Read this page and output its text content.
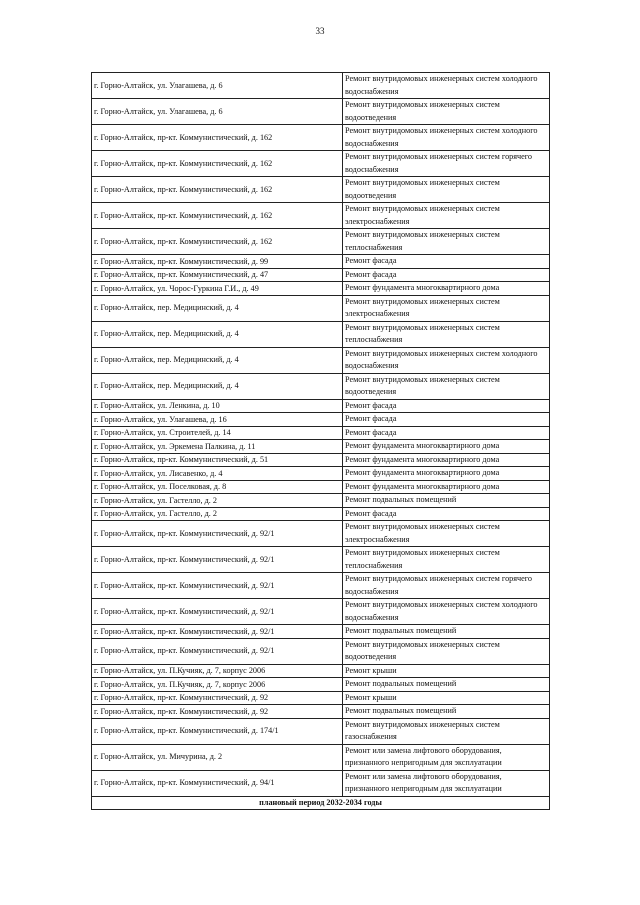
33
г. Горно-Алтайск, ул. Улагашева, д. 6	Ремонт внутридомовых инженерных систем холодного водоснабжения
г. Горно-Алтайск, ул. Улагашева, д. 6	Ремонт внутридомовых инженерных систем водоотведения
г. Горно-Алтайск, пр-кт. Коммунистический, д. 162	Ремонт внутридомовых инженерных систем холодного водоснабжения
г. Горно-Алтайск, пр-кт. Коммунистический, д. 162	Ремонт внутридомовых инженерных систем горячего водоснабжения
г. Горно-Алтайск, пр-кт. Коммунистический, д. 162	Ремонт внутридомовых инженерных систем водоотведения
г. Горно-Алтайск, пр-кт. Коммунистический, д. 162	Ремонт внутридомовых инженерных систем электроснабжения
г. Горно-Алтайск, пр-кт. Коммунистический, д. 162	Ремонт внутридомовых инженерных систем теплоснабжения
г. Горно-Алтайск, пр-кт. Коммунистический, д. 99	Ремонт фасада
г. Горно-Алтайск, пр-кт. Коммунистический, д. 47	Ремонт фасада
г. Горно-Алтайск, ул. Чорос-Гуркина Г.И., д. 49	Ремонт фундамента многоквартирного дома
г. Горно-Алтайск, пер. Медицинский, д. 4	Ремонт внутридомовых инженерных систем электроснабжения
г. Горно-Алтайск, пер. Медицинский, д. 4	Ремонт внутридомовых инженерных систем теплоснабжения
г. Горно-Алтайск, пер. Медицинский, д. 4	Ремонт внутридомовых инженерных систем холодного водоснабжения
г. Горно-Алтайск, пер. Медицинский, д. 4	Ремонт внутридомовых инженерных систем водоотведения
г. Горно-Алтайск, ул. Ленкина, д. 10	Ремонт фасада
г. Горно-Алтайск, ул. Улагашева, д. 16	Ремонт фасада
г. Горно-Алтайск, ул. Строителей, д. 14	Ремонт фасада
г. Горно-Алтайск, ул. Эркемена Палкина, д. 11	Ремонт фундамента многоквартирного дома
г. Горно-Алтайск, пр-кт. Коммунистический, д. 51	Ремонт фундамента многоквартирного дома
г. Горно-Алтайск, ул. Лисавенко, д. 4	Ремонт фундамента многоквартирного дома
г. Горно-Алтайск, ул. Поселковая, д. 8	Ремонт фундамента многоквартирного дома
г. Горно-Алтайск, ул. Гастелло, д. 2	Ремонт подвальных помещений
г. Горно-Алтайск, ул. Гастелло, д. 2	Ремонт фасада
г. Горно-Алтайск, пр-кт. Коммунистический, д. 92/1	Ремонт внутридомовых инженерных систем электроснабжения
г. Горно-Алтайск, пр-кт. Коммунистический, д. 92/1	Ремонт внутридомовых инженерных систем теплоснабжения
г. Горно-Алтайск, пр-кт. Коммунистический, д. 92/1	Ремонт внутридомовых инженерных систем горячего водоснабжения
г. Горно-Алтайск, пр-кт. Коммунистический, д. 92/1	Ремонт внутридомовых инженерных систем холодного водоснабжения
г. Горно-Алтайск, пр-кт. Коммунистический, д. 92/1	Ремонт подвальных помещений
г. Горно-Алтайск, пр-кт. Коммунистический, д. 92/1	Ремонт внутридомовых инженерных систем водоотведения
г. Горно-Алтайск, ул. П.Кучияк, д. 7, корпус 2006	Ремонт крыши
г. Горно-Алтайск, ул. П.Кучияк, д. 7, корпус 2006	Ремонт подвальных помещений
г. Горно-Алтайск, пр-кт. Коммунистический, д. 92	Ремонт крыши
г. Горно-Алтайск, пр-кт. Коммунистический, д. 92	Ремонт подвальных помещений
г. Горно-Алтайск, пр-кт. Коммунистический, д. 174/1	Ремонт внутридомовых инженерных систем газоснабжения
г. Горно-Алтайск, ул. Мичурина, д. 2	Ремонт или замена лифтового оборудования, признанного непригодным для эксплуатации
г. Горно-Алтайск, пр-кт. Коммунистический, д. 94/1	Ремонт или замена лифтового оборудования, признанного непригодным для эксплуатации
плановый период 2032-2034 годы	
